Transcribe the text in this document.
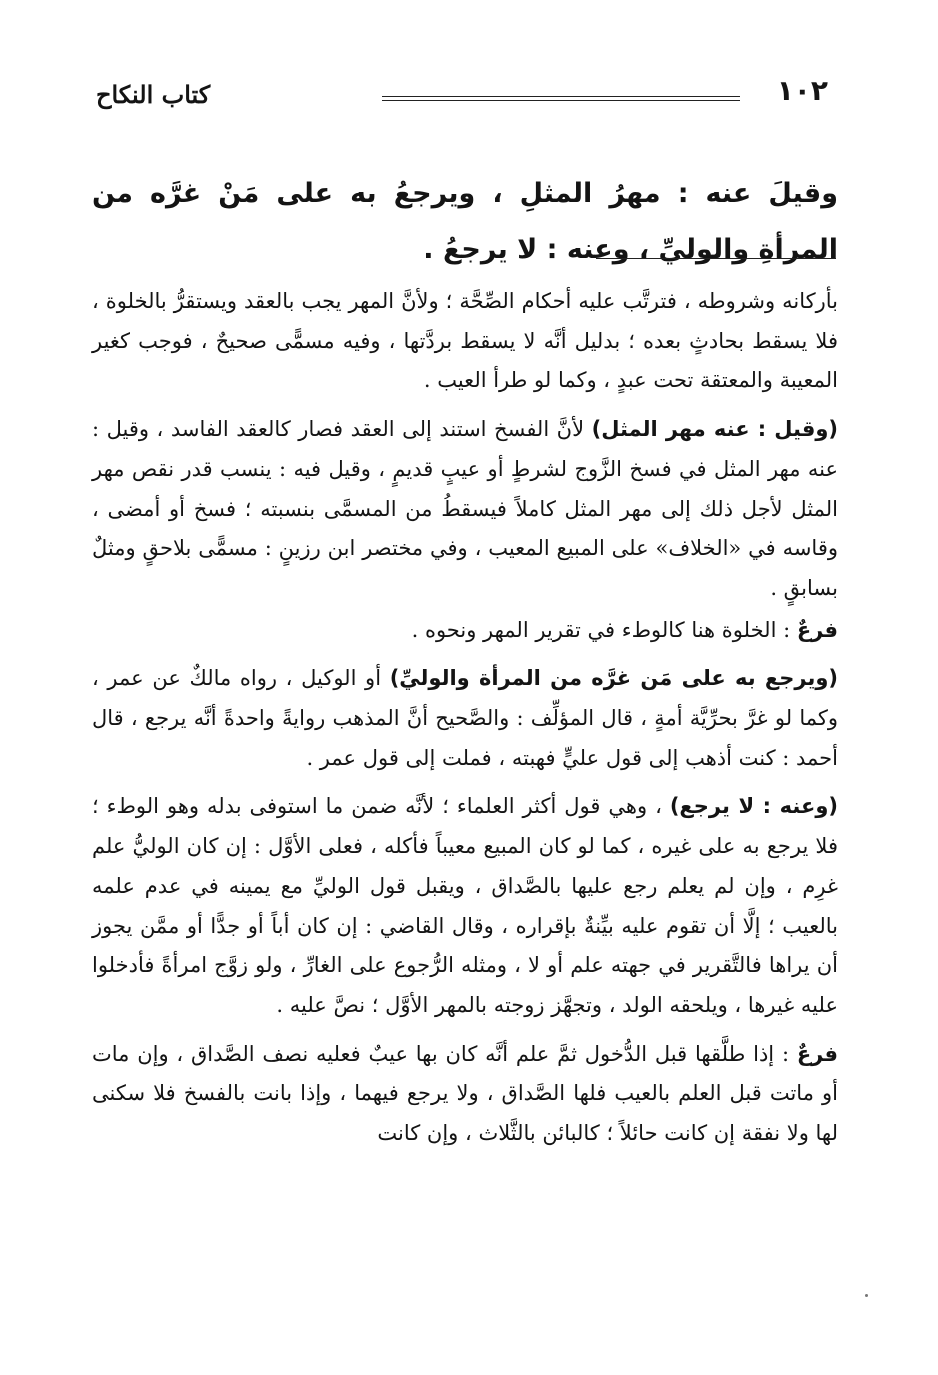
١٠٢
كتاب النكاح
وقيلَ عنه : مهرُ المثلِ ، ويرجعُ به على مَنْ غرَّه من المرأةِ والوليِّ ، وعنه : لا يرجعُ .

بأركانه وشروطه ، فترتَّب عليه أحكام الصِّحَّة ؛ ولأنَّ المهر يجب بالعقد ويستقرُّ بالخلوة ، فلا يسقط بحادثٍ بعده ؛ بدليل أنَّه لا يسقط بردَّتها ، وفيه مسمًّى صحيحٌ ، فوجب كغير المعيبة والمعتقة تحت عبدٍ ، وكما لو طرأ العيب .

(وقيل : عنه مهر المثل) لأنَّ الفسخ استند إلى العقد فصار كالعقد الفاسد ، وقيل : عنه مهر المثل في فسخ الزَّوج لشرطٍ أو عيبٍ قديمٍ ، وقيل فيه : ينسب قدر نقص مهر المثل لأجل ذلك إلى مهر المثل كاملاً فيسقطُ من المسمَّى بنسبته ؛ فسخ أو أمضى ، وقاسه في «الخلاف» على المبيع المعيب ، وفي مختصر ابن رزينٍ : مسمًّى بلاحقٍ ومثلٌ بسابقٍ .

فرعٌ : الخلوة هنا كالوطء في تقرير المهر ونحوه .

(ويرجع به على مَن غرَّه من المرأة والوليِّ) أو الوكيل ، رواه مالكٌ عن عمر ، وكما لو غرَّ بحرِّيَّة أمةٍ ، قال المؤلِّف : والصَّحيح أنَّ المذهب روايةً واحدةً أنَّه يرجع ، قال أحمد : كنت أذهب إلى قول عليٍّ فهبته ، فملت إلى قول عمر .

(وعنه : لا يرجع) ، وهي قول أكثر العلماء ؛ لأنَّه ضمن ما استوفى بدله وهو الوطء ؛ فلا يرجع به على غيره ، كما لو كان المبيع معيباً فأكله ، فعلى الأوَّل : إن كان الوليُّ علم غرِم ، وإن لم يعلم رجع عليها بالصَّداق ، ويقبل قول الوليِّ مع يمينه في عدم علمه بالعيب ؛ إلَّا أن تقوم عليه بيِّنةٌ بإقراره ، وقال القاضي : إن كان أباً أو جدًّا أو ممَّن يجوز أن يراها فالتَّقرير في جهته علم أو لا ، ومثله الرُّجوع على الغارِّ ، ولو زوَّج امرأةً فأدخلوا عليه غيرها ، ويلحقه الولد ، وتجهَّز زوجته بالمهر الأوَّل ؛ نصَّ عليه .

فرعٌ : إذا طلَّقها قبل الدُّخول ثمَّ علم أنَّه كان بها عيبٌ فعليه نصف الصَّداق ، وإن مات أو ماتت قبل العلم بالعيب فلها الصَّداق ، ولا يرجع فيهما ، وإذا بانت بالفسخ فلا سكنى لها ولا نفقة إن كانت حائلاً ؛ كالبائن بالثَّلاث ، وإن كانت
